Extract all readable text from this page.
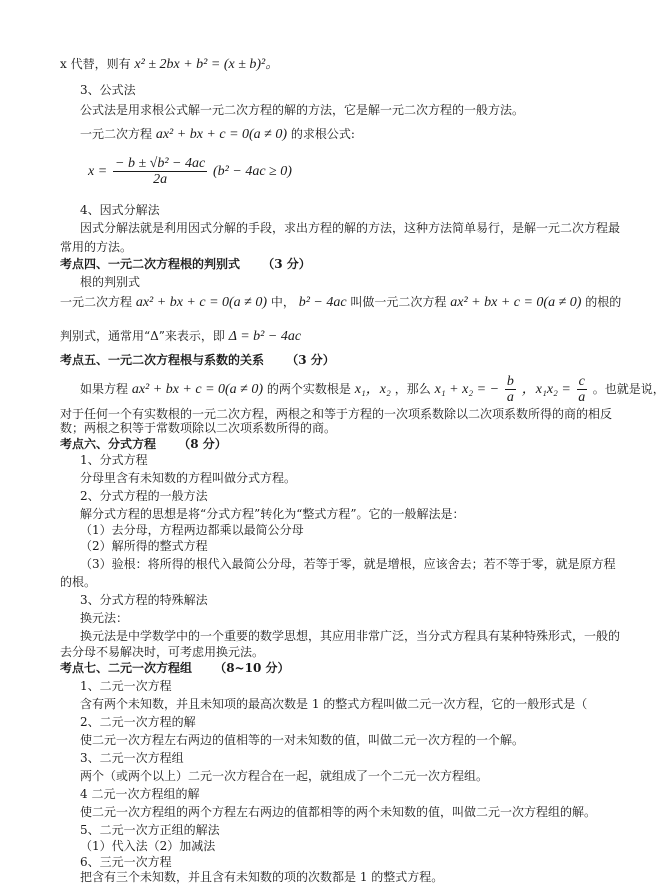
x 代替，则有 x² ± 2bx + b² = (x ± b)²。
3、公式法
公式法是用求根公式解一元二次方程的解的方法，它是解一元二次方程的一般方法。
一元二次方程 ax² + bx + c = 0(a ≠ 0) 的求根公式:
$x = \frac{\text{− b ± √b² − 4ac}}{2a} (b^2 - 4ac \ge 0)$
4、因式分解法
因式分解法就是利用因式分解的手段，求出方程的解的方法，这种方法简单易行，是解一元二次方程最
常用的方法。
考点四、一元二次方程根的判别式 （3 分）
根的判别式
一元二次方程 ax² + bx + c = 0(a ≠ 0) 中， b² − 4ac 叫做一元二次方程 ax² + bx + c = 0(a ≠ 0) 的根的
判别式，通常用“Δ”来表示，即 Δ = b² − 4ac
考点五、一元二次方程根与系数的关系 （3 分）
如果方程 ax² + bx + c = 0(a ≠ 0) 的两个实数根是 x₁，x₂ ，那么 x₁ + x₂ = − $\frac{b}{a}$ ，$x_1x_2 = \frac{c}{a}$ 。也就是说，
对于任何一个有实数根的一元二次方程，两根之和等于方程的一次项系数除以二次项系数所得的商的相反
数；两根之积等于常数项除以二次项系数所得的商。
考点六、分式方程 （8 分）
1、分式方程
分母里含有未知数的方程叫做分式方程。
2、分式方程的一般方法
解分式方程的思想是将“分式方程”转化为“整式方程”。它的一般解法是：
（1）去分母，方程两边都乘以最简公分母
（2）解所得的整式方程
（3）验根：将所得的根代入最简公分母，若等于零，就是增根，应该舍去；若不等于零，就是原方程
的根。
3、分式方程的特殊解法
换元法：
换元法是中学数学中的一个重要的数学思想，其应用非常广泛，当分式方程具有某种特殊形式，一般的
去分母不易解决时，可考虑用换元法。
考点七、二元一次方程组 （8~10 分）
1、二元一次方程
含有两个未知数，并且未知项的最高次数是 1 的整式方程叫做二元一次方程，它的一般形式是（
2、二元一次方程的解
使二元一次方程左右两边的值相等的一对未知数的值，叫做二元一次方程的一个解。
3、二元一次方程组
两个（或两个以上）二元一次方程合在一起，就组成了一个二元一次方程组。
4 二元一次方程组的解
使二元一次方程组的两个方程左右两边的值都相等的两个未知数的值，叫做二元一次方程组的解。
5、二元一次方正组的解法
（1）代入法（2）加减法
6、三元一次方程
把含有三个未知数，并且含有未知数的项的次数都是 1 的整式方程。
